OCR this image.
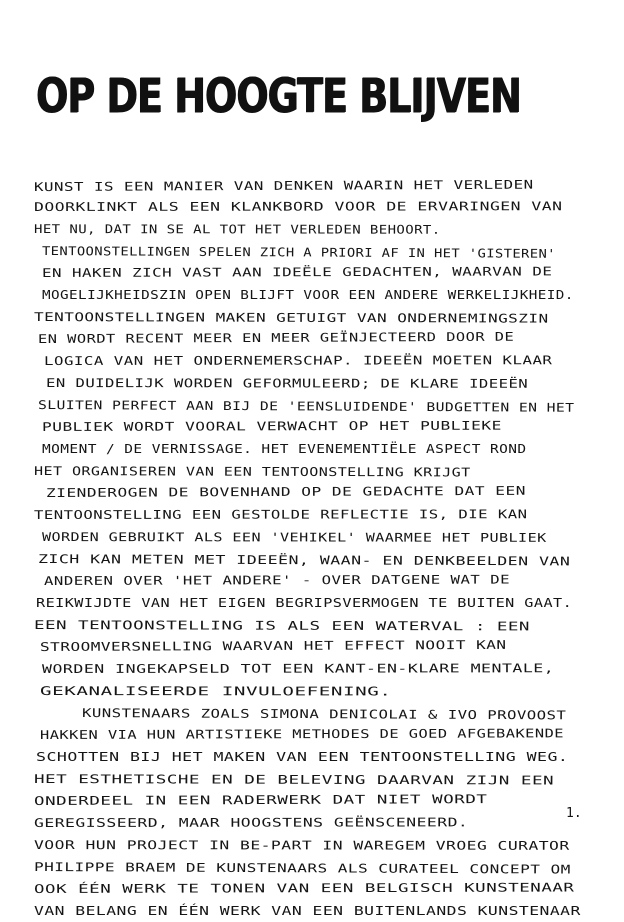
OP DE HOOGTE BLIJVEN
KUNST IS EEN MANIER VAN DENKEN WAARIN HET VERLEDEN
DOORKLINKT ALS EEN KLANKBORD VOOR DE ERVARINGEN VAN
HET NU, DAT IN SE AL TOT HET VERLEDEN BEHOORT.
TENTOONSTELLINGEN SPELEN ZICH A PRIORI AF IN HET 'GISTEREN'
EN HAKEN ZICH VAST AAN IDEËLE GEDACHTEN, WAARVAN DE
MOGELIJKHEIDSZIN OPEN BLIJFT VOOR EEN ANDERE WERKELIJKHEID.
TENTOONSTELLINGEN MAKEN GETUIGT VAN ONDERNEMINGSZIN
EN WORDT RECENT MEER EN MEER GEÏNJECTEERD DOOR DE
LOGICA VAN HET ONDERNEMERSCHAP. IDEEËN MOETEN KLAAR
EN DUIDELIJK WORDEN GEFORMULEERD; DE KLARE IDEEËN
SLUITEN PERFECT AAN BIJ DE 'EENSLUIDENDE' BUDGETTEN EN HET
PUBLIEK WORDT VOORAL VERWACHT OP HET PUBLIEKE
MOMENT / DE VERNISSAGE. HET EVENEMENTIËLE ASPECT ROND
HET ORGANISEREN VAN EEN TENTOONSTELLING KRIJGT
ZIENDEROGEN DE BOVENHAND OP DE GEDACHTE DAT EEN
TENTOONSTELLING EEN GESTOLDE REFLECTIE IS, DIE KAN
WORDEN GEBRUIKT ALS EEN 'VEHIKEL' WAARMEE HET PUBLIEK
ZICH KAN METEN MET IDEEËN, WAAN- EN DENKBEELDEN VAN
ANDEREN OVER 'HET ANDERE' - OVER DATGENE WAT DE
REIKWIJDTE VAN HET EIGEN BEGRIPSVERMOGEN TE BUITEN GAAT.
EEN TENTOONSTELLING IS ALS EEN WATERVAL : EEN
STROOMVERSNELLING WAARVAN HET EFFECT NOOIT KAN
WORDEN INGEKAPSELD TOT EEN KANT-EN-KLARE MENTALE,
GEKANALISEERDE INVULOEFENING.
KUNSTENAARS ZOALS SIMONA DENICOLAI & IVO PROVOOST
HAKKEN VIA HUN ARTISTIEKE METHODES DE GOED AFGEBAKENDE
SCHOTTEN BIJ HET MAKEN VAN EEN TENTOONSTELLING WEG.
HET ESTHETISCHE EN DE BELEVING DAARVAN ZIJN EEN
ONDERDEEL IN EEN RADERWERK DAT NIET WORDT
GEREGISSEERD, MAAR HOOGSTENS GEËNSCENEERD.
VOOR HUN PROJECT IN BE-PART IN WAREGEM VROEG CURATOR
PHILIPPE BRAEM DE KUNSTENAARS ALS CURATEEL CONCEPT OM
OOK ÉÉN WERK TE TONEN VAN EEN BELGISCH KUNSTENAAR
VAN BELANG EN ÉÉN WERK VAN EEN BUITENLANDS KUNSTENAAR
1.
